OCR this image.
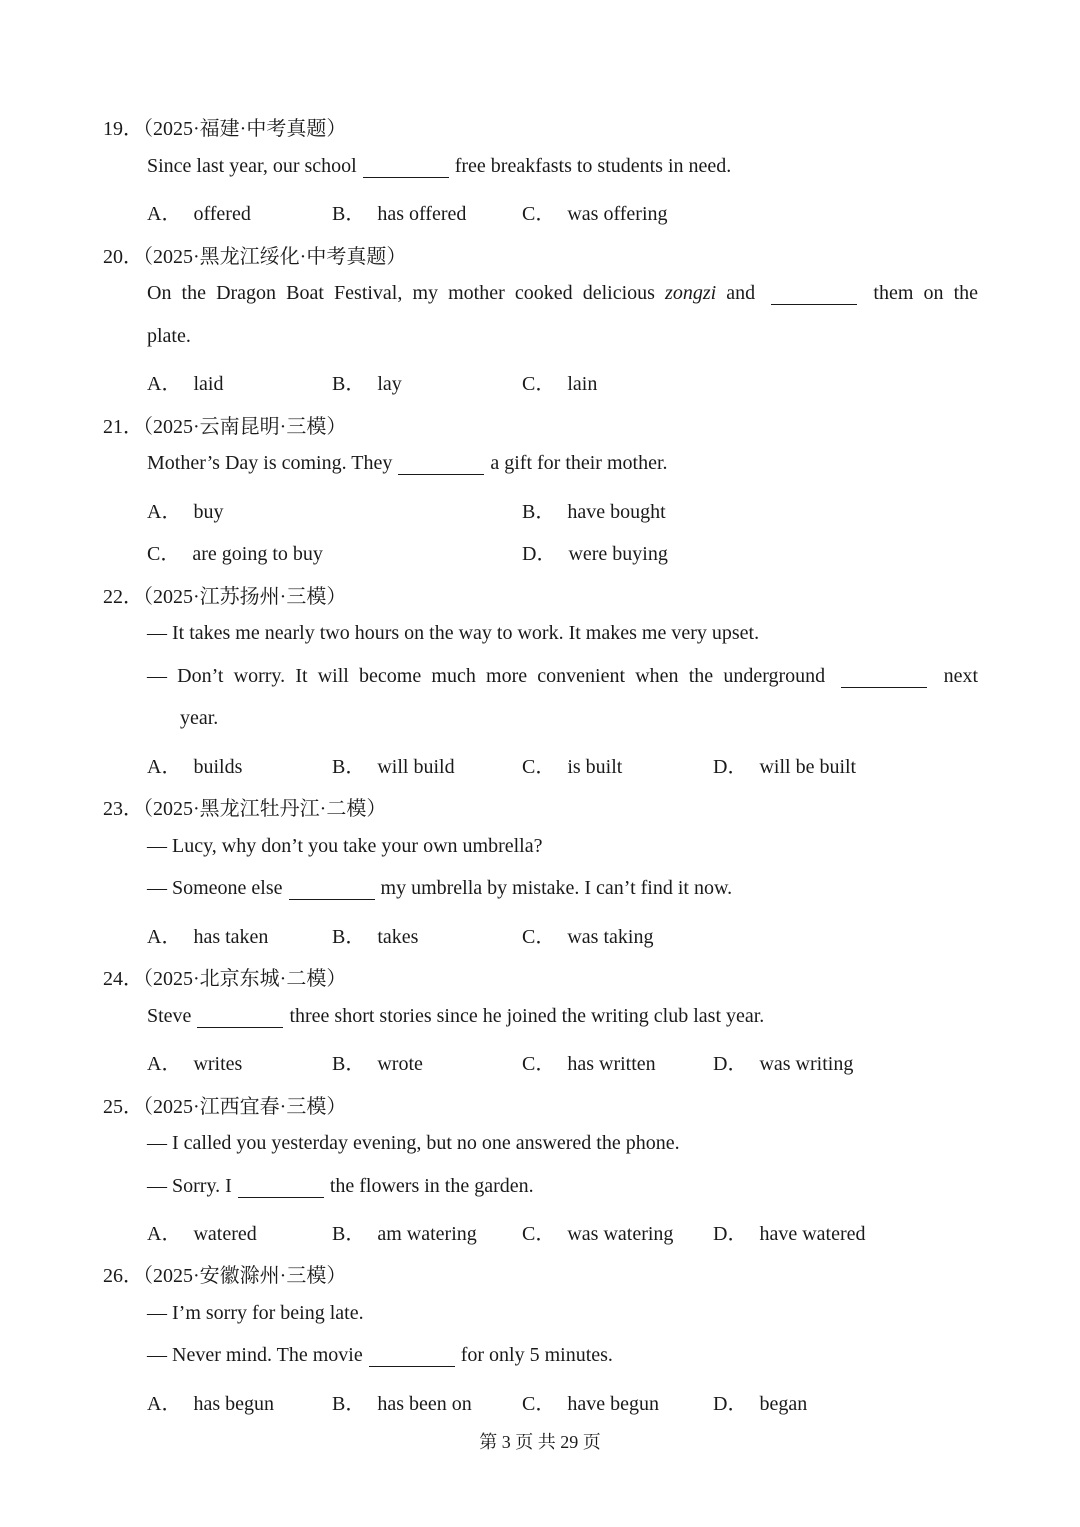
19．（2025·福建·中考真题）
Since last year, our school	free breakfasts to students in need.
A． offered	B． has offered	C． was offering
20．（2025·黑龙江绥化·中考真题）
On the Dragon Boat Festival, my mother cooked delicious zongzi and	them on the
plate.
A． laid	B． lay	C． lain
21．（2025·云南昆明·三模）
Mother’s Day is coming. They	a gift for their mother.
A． buy	B． have bought
C． are going to buy	D． were buying
22．（2025·江苏扬州·三模）
— It takes me nearly two hours on the way to work. It makes me very upset.
— Don’t worry. It will become much more convenient when the underground	next
year.
A． builds	B． will build	C． is built	D． will be built
23．（2025·黑龙江牡丹江·二模）
— Lucy, why don’t you take your own umbrella?
— Someone else	my umbrella by mistake. I can’t find it now.
A． has taken	B． takes	C． was taking
24．（2025·北京东城·二模）
Steve	three short stories since he joined the writing club last year.
A． writes	B． wrote	C． has written	D． was writing
25．（2025·江西宜春·三模）
— I called you yesterday evening, but no one answered the phone.
— Sorry. I	the flowers in the garden.
A． watered	B． am watering C． was watering D． have watered
26．（2025·安徽滁州·三模）
— I’m sorry for being late.
— Never mind. The movie	for only 5 minutes.
A． has begun	B． has been on	C． have begun	D． began
第 3 页 共 29 页
